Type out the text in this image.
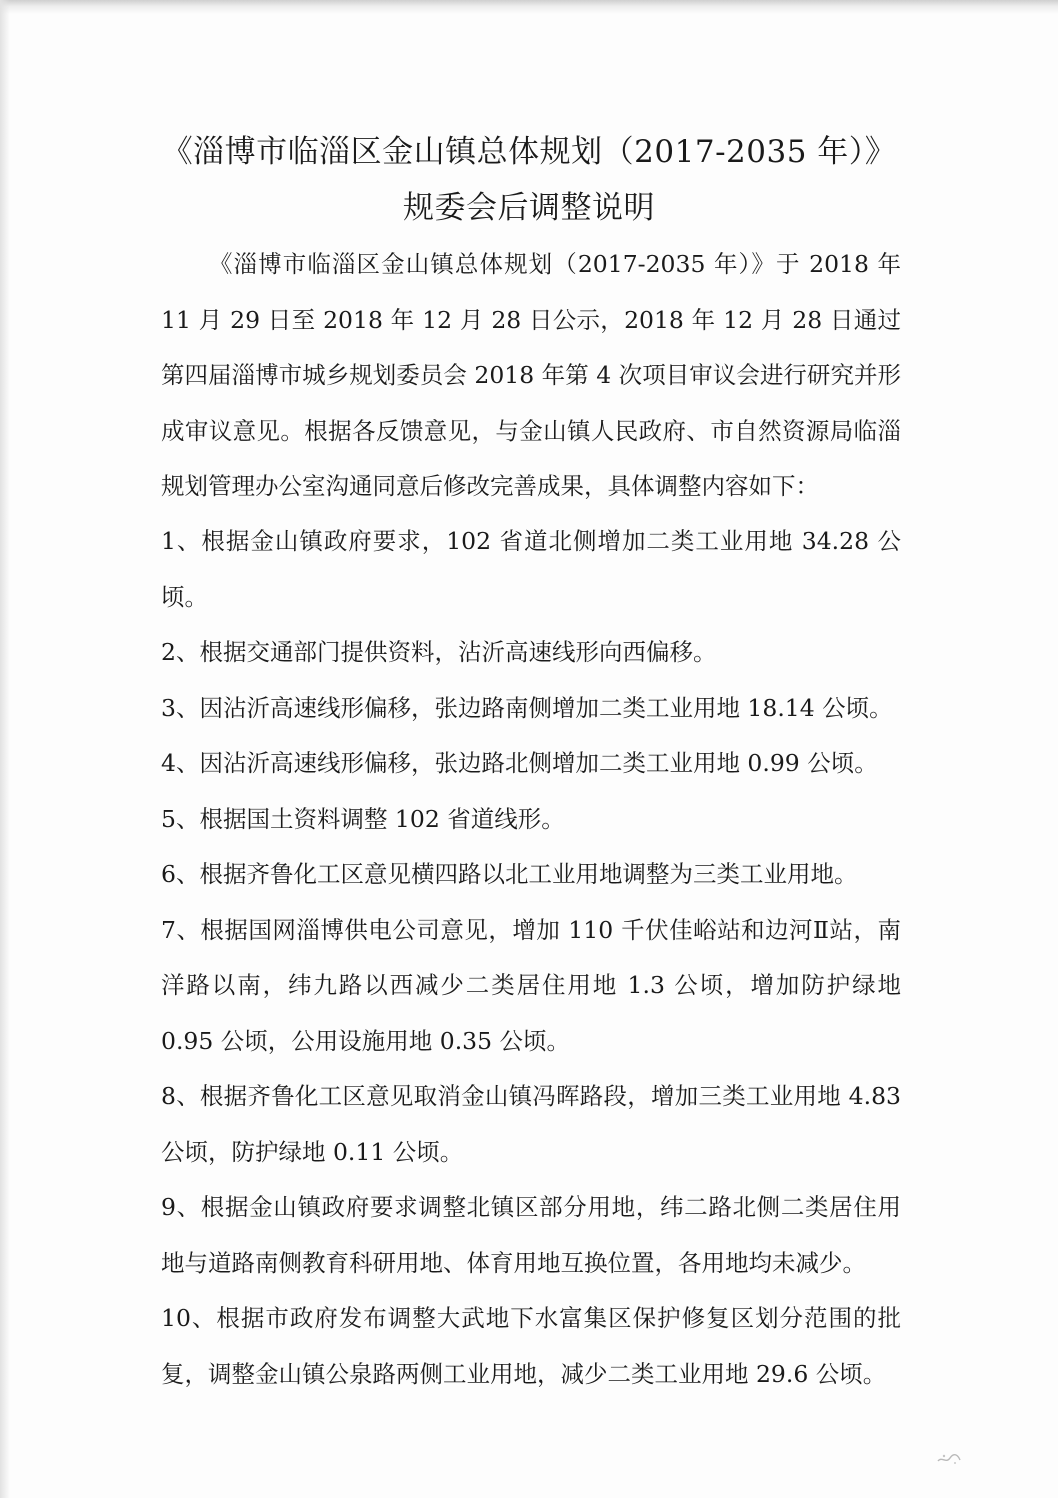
《淄博市临淄区金山镇总体规划（2017-2035 年）》
规委会后调整说明

《淄博市临淄区金山镇总体规划（2017-2035 年）》于 2018 年 11 月 29 日至 2018 年 12 月 28 日公示，2018 年 12 月 28 日通过第四届淄博市城乡规划委员会 2018 年第 4 次项目审议会进行研究并形成审议意见。根据各反馈意见，与金山镇人民政府、市自然资源局临淄规划管理办公室沟通同意后修改完善成果，具体调整内容如下：

1、根据金山镇政府要求，102 省道北侧增加二类工业用地 34.28 公顷。

2、根据交通部门提供资料，沾沂高速线形向西偏移。

3、因沾沂高速线形偏移，张边路南侧增加二类工业用地 18.14 公顷。

4、因沾沂高速线形偏移，张边路北侧增加二类工业用地 0.99 公顷。

5、根据国土资料调整 102 省道线形。

6、根据齐鲁化工区意见横四路以北工业用地调整为三类工业用地。

7、根据国网淄博供电公司意见，增加 110 千伏佳峪站和边河Ⅱ站，南洋路以南，纬九路以西减少二类居住用地 1.3 公顷，增加防护绿地 0.95 公顷，公用设施用地 0.35 公顷。

8、根据齐鲁化工区意见取消金山镇冯晖路段，增加三类工业用地 4.83 公顷，防护绿地 0.11 公顷。

9、根据金山镇政府要求调整北镇区部分用地，纬二路北侧二类居住用地与道路南侧教育科研用地、体育用地互换位置，各用地均未减少。

10、根据市政府发布调整大武地下水富集区保护修复区划分范围的批复，调整金山镇公泉路两侧工业用地，减少二类工业用地 29.6 公顷。
